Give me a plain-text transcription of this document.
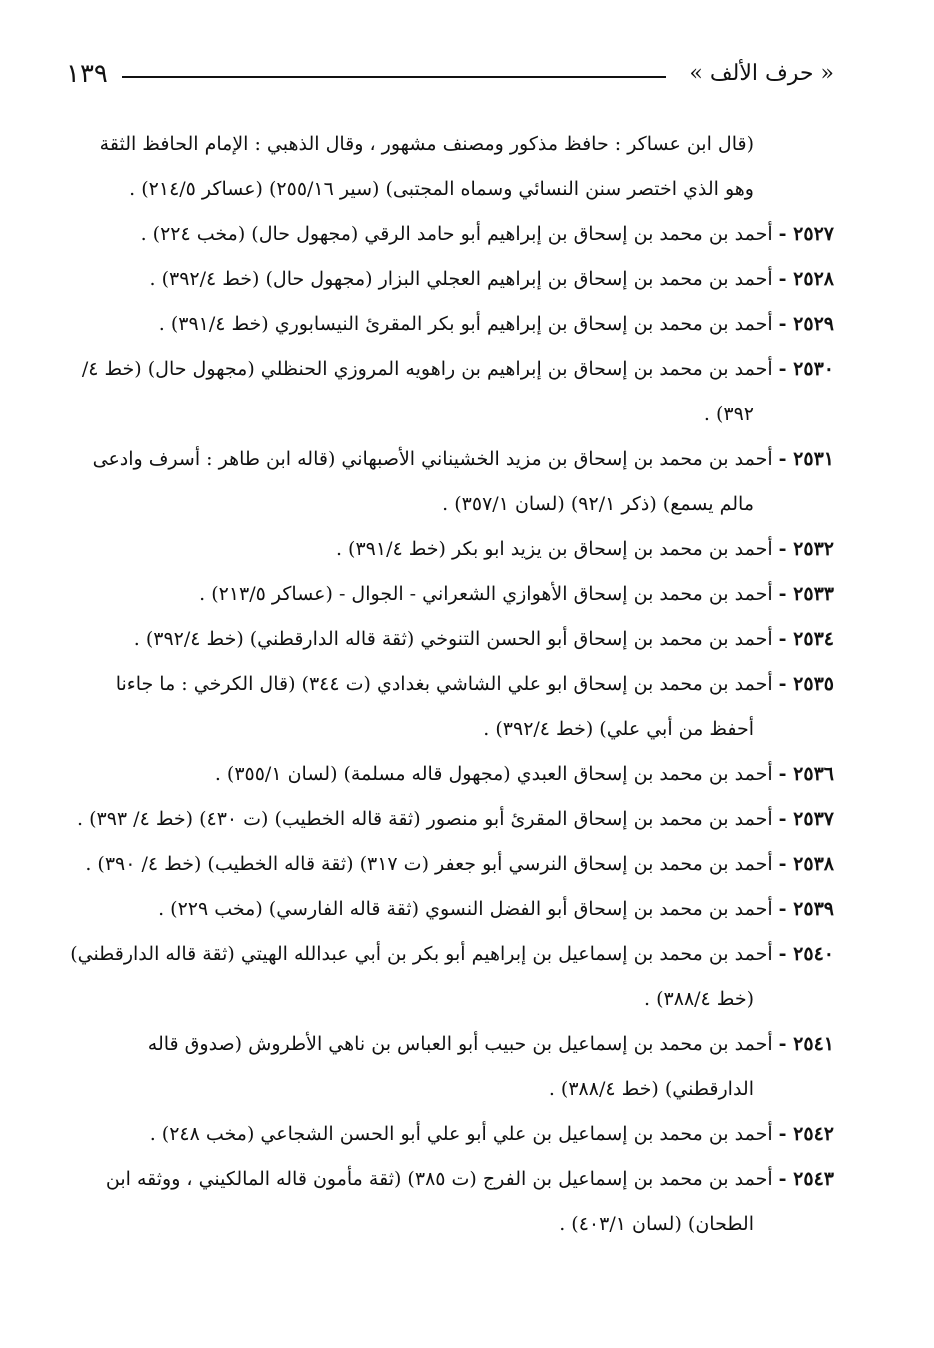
١٣٩	« حرف الألف »

(قال ابن عساكر : حافظ مذكور ومصنف مشهور ، وقال الذهبي : الإمام الحافظ الثقة وهو الذي اختصر سنن النسائي وسماه المجتبى) (سير ٢٥٥/١٦) (عساكر ٢١٤/٥) .

٢٥٢٧ - أحمد بن محمد بن إسحاق بن إبراهيم أبو حامد الرقي (مجهول حال) (مخب ٢٢٤) .

٢٥٢٨ - أحمد بن محمد بن إسحاق بن إبراهيم العجلي البزار (مجهول حال) (خط ٣٩٢/٤) .

٢٥٢٩ - أحمد بن محمد بن إسحاق بن إبراهيم أبو بكر المقرئ النيسابوري (خط ٣٩١/٤) .

٢٥٣٠ - أحمد بن محمد بن إسحاق بن إبراهيم بن راهويه المروزي الحنظلي (مجهول حال) (خط ٤/ ٣٩٢) .

٢٥٣١ - أحمد بن محمد بن إسحاق بن مزيد الخشيناني الأصبهاني (قاله ابن طاهر : أسرف وادعى مالم يسمع) (ذكر ٩٢/١) (لسان ٣٥٧/١) .

٢٥٣٢ - أحمد بن محمد بن إسحاق بن يزيد ابو بكر (خط ٣٩١/٤) .

٢٥٣٣ - أحمد بن محمد بن إسحاق الأهوازي الشعراني - الجوال - (عساكر ٢١٣/٥) .

٢٥٣٤ - أحمد بن محمد بن إسحاق أبو الحسن التنوخي (ثقة قاله الدارقطني) (خط ٣٩٢/٤) .

٢٥٣٥ - أحمد بن محمد بن إسحاق ابو علي الشاشي بغدادي (ت ٣٤٤) (قال الكرخي : ما جاءنا أحفظ من أبي علي) (خط ٣٩٢/٤) .

٢٥٣٦ - أحمد بن محمد بن إسحاق العبدي (مجهول قاله مسلمة) (لسان ٣٥٥/١) .

٢٥٣٧ - أحمد بن محمد بن إسحاق المقرئ أبو منصور (ثقة قاله الخطيب) (ت ٤٣٠) (خط ٤/ ٣٩٣) .

٢٥٣٨ - أحمد بن محمد بن إسحاق النرسي أبو جعفر (ت ٣١٧) (ثقة قاله الخطيب) (خط ٤/ ٣٩٠) .

٢٥٣٩ - أحمد بن محمد بن إسحاق أبو الفضل النسوي (ثقة قاله الفارسي) (مخب ٢٢٩) .

٢٥٤٠ - أحمد بن محمد بن إسماعيل بن إبراهيم أبو بكر بن أبي عبدالله الهيتي (ثقة قاله الدارقطني) (خط ٣٨٨/٤) .

٢٥٤١ - أحمد بن محمد بن إسماعيل بن حبيب أبو العباس بن ناهي الأطروش (صدوق قاله الدارقطني) (خط ٣٨٨/٤) .

٢٥٤٢ - أحمد بن محمد بن إسماعيل بن علي أبو علي أبو الحسن الشجاعي (مخب ٢٤٨) .

٢٥٤٣ - أحمد بن محمد بن إسماعيل بن الفرج (ت ٣٨٥) (ثقة مأمون قاله المالكيني ، ووثقه ابن الطحان) (لسان ٤٠٣/١) .
